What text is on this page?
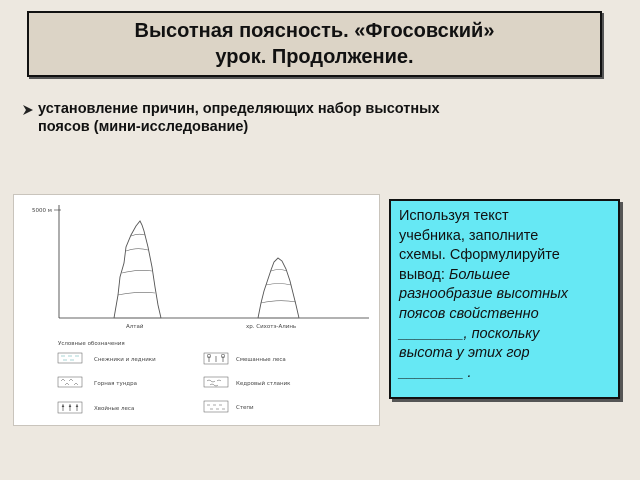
Высотная поясность. «Фгосовский»
урок. Продолжение.
установление причин, определяющих набор высотных
поясов (мини-исследование)
5000 м
Алтай	хр. Сихотэ-Алинь
Условные обозначения
Снежники и ледники
Горная тундра
Хвойные леса
Смешанные леса
Кедровый стланик
Степи
Используя текст
учебника, заполните
схемы. Сформулируйте
вывод: Большее
разнообразие высотных
поясов свойственно
________, поскольку
высота у этих гор
________ .
